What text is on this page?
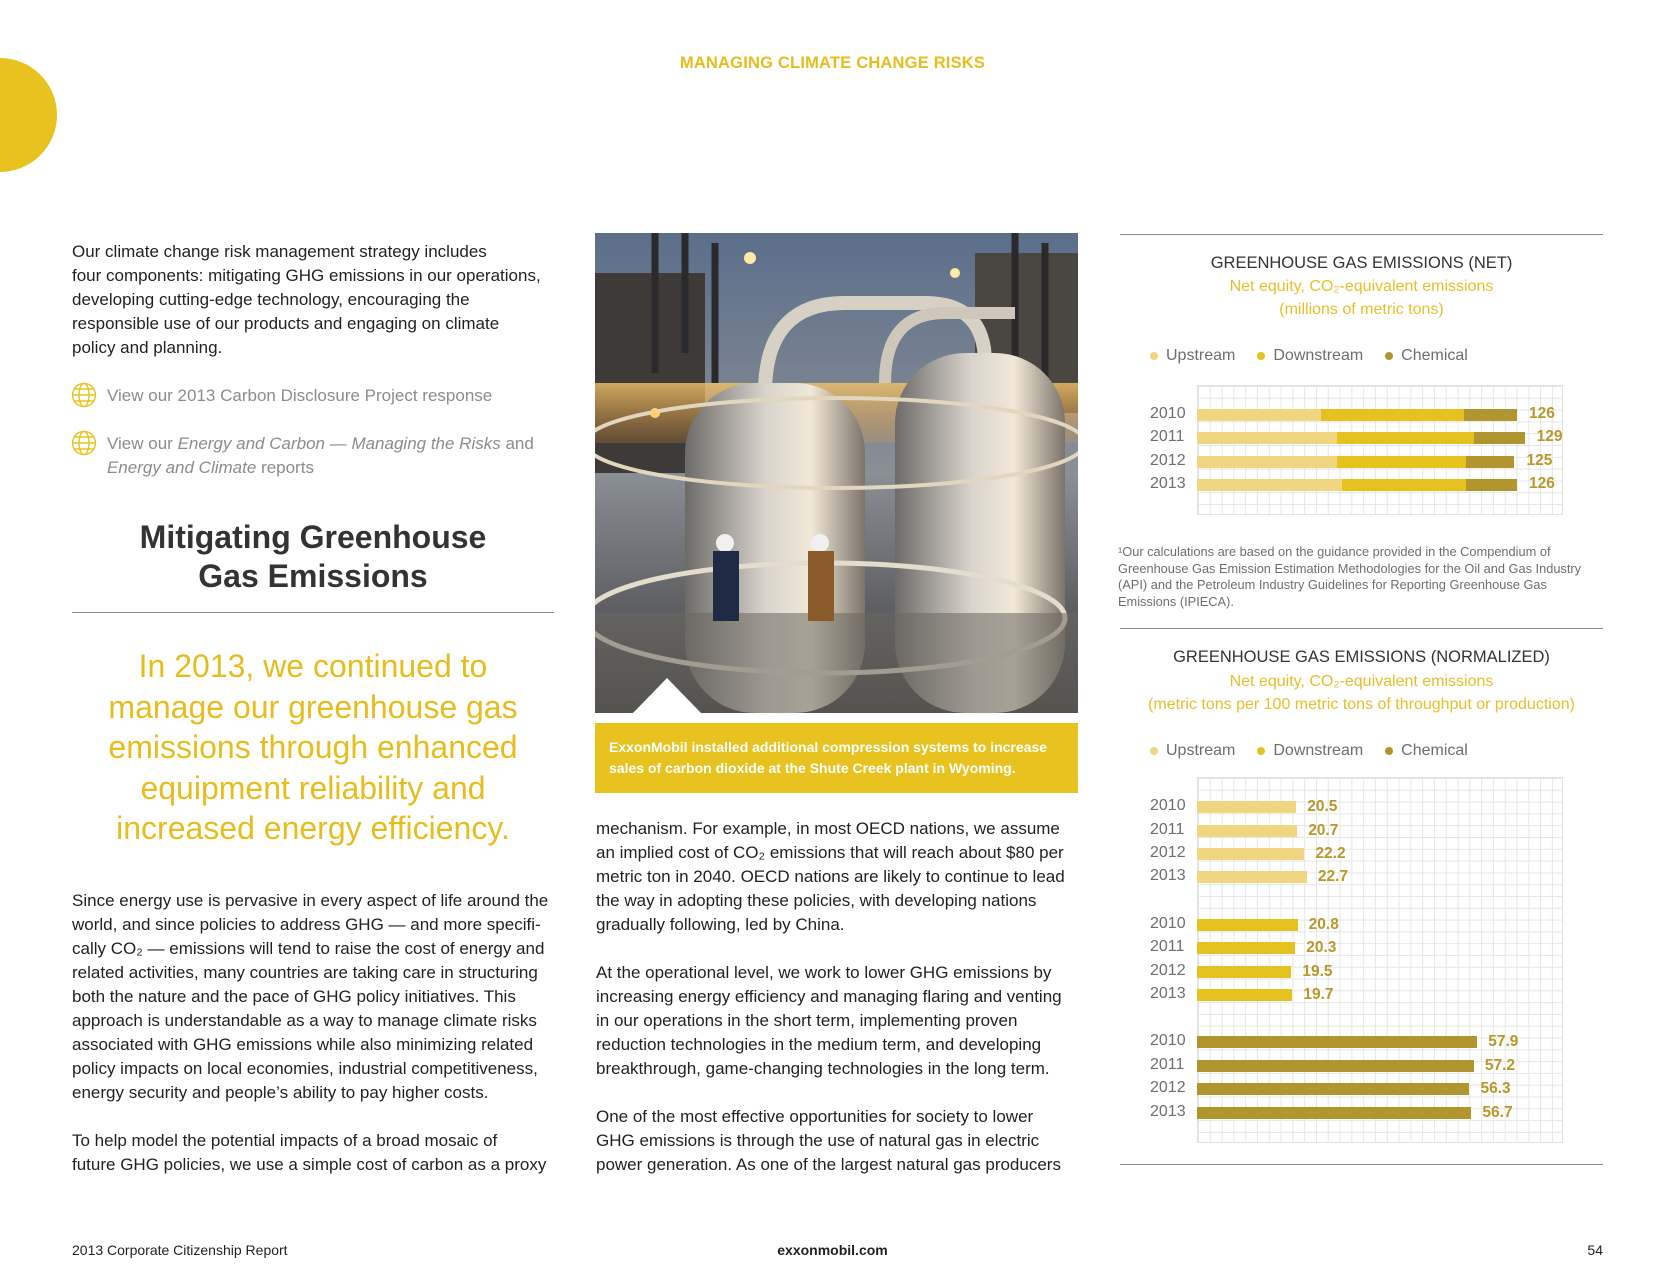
MANAGING CLIMATE CHANGE RISKS
Our climate change risk management strategy includes
four components: mitigating GHG emissions in our operations,
developing cutting-edge technology, encouraging the
responsible use of our products and engaging on climate
policy and planning.
View our 2013 Carbon Disclosure Project response
View our Energy and Carbon — Managing the Risks and
Energy and Climate reports
Mitigating Greenhouse
Gas Emissions
In 2013, we continued to
manage our greenhouse gas
emissions through enhanced
equipment reliability and
increased energy efficiency.
Since energy use is pervasive in every aspect of life around the
world, and since policies to address GHG — and more specifi-
cally CO₂ — emissions will tend to raise the cost of energy and
related activities, many countries are taking care in structuring
both the nature and the pace of GHG policy initiatives. This
approach is understandable as a way to manage climate risks
associated with GHG emissions while also minimizing related
policy impacts on local economies, industrial competitiveness,
energy security and people’s ability to pay higher costs.
To help model the potential impacts of a broad mosaic of
future GHG policies, we use a simple cost of carbon as a proxy
ExxonMobil installed additional compression systems to increase
sales of carbon dioxide at the Shute Creek plant in Wyoming.
mechanism. For example, in most OECD nations, we assume
an implied cost of CO₂ emissions that will reach about $80 per
metric ton in 2040. OECD nations are likely to continue to lead
the way in adopting these policies, with developing nations
gradually following, led by China.
At the operational level, we work to lower GHG emissions by
increasing energy efficiency and managing flaring and venting
in our operations in the short term, implementing proven
reduction technologies in the medium term, and developing
breakthrough, game-changing technologies in the long term.
One of the most effective opportunities for society to lower
GHG emissions is through the use of natural gas in electric
power generation. As one of the largest natural gas producers
GREENHOUSE GAS EMISSIONS (NET)
Net equity, CO₂-equivalent emissions
(millions of metric tons)
Upstream Downstream Chemical
2010	126
2011	129
2012	125
2013	126
¹Our calculations are based on the guidance provided in the Compendium of
Greenhouse Gas Emission Estimation Methodologies for the Oil and Gas Industry
(API) and the Petroleum Industry Guidelines for Reporting Greenhouse Gas
Emissions (IPIECA).
GREENHOUSE GAS EMISSIONS (NORMALIZED)
Net equity, CO₂-equivalent emissions
(metric tons per 100 metric tons of throughput or production)
Upstream Downstream Chemical
2010	20.5
2011	20.7
2012	22.2
2013	22.7
2010	20.8
2011	20.3
2012	19.5
2013	19.7
2010	57.9
2011	57.2
2012	56.3
2013	56.7
2013 Corporate Citizenship Report	exxonmobil.com	54
